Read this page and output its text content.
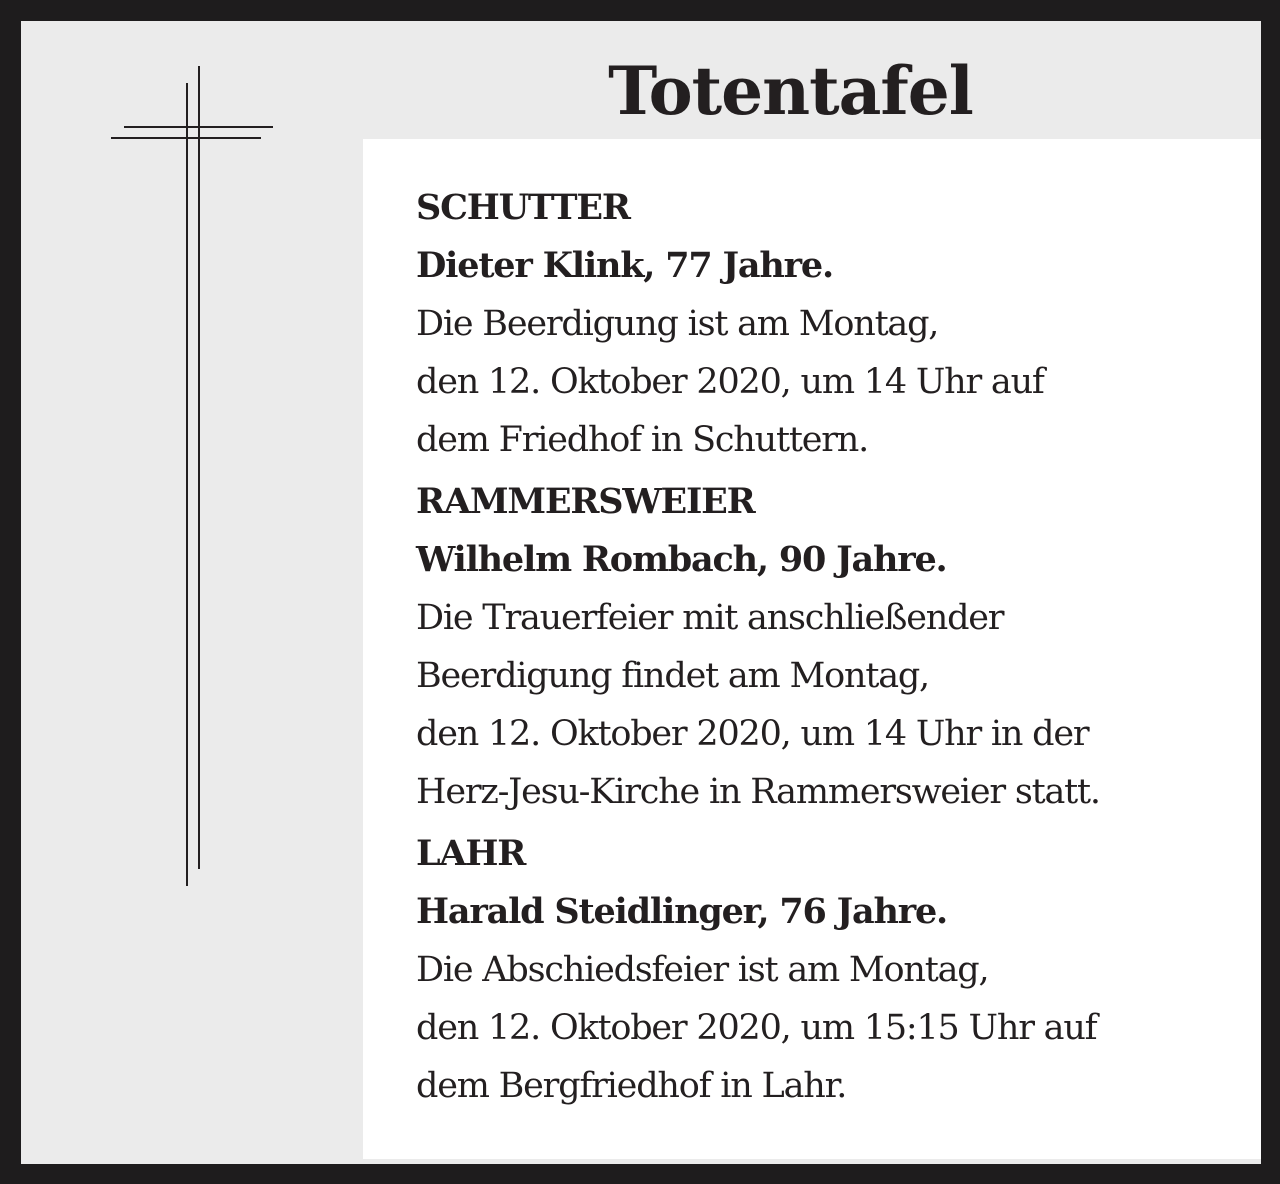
Totentafel
SCHUTTER
Dieter Klink, 77 Jahre.
Die Beerdigung ist am Montag,
den 12. Oktober 2020, um 14 Uhr auf
dem Friedhof in Schuttern.
RAMMERSWEIER
Wilhelm Rombach, 90 Jahre.
Die Trauerfeier mit anschließender
Beerdigung findet am Montag,
den 12. Oktober 2020, um 14 Uhr in der
Herz-Jesu-Kirche in Rammersweier statt.
LAHR
Harald Steidlinger, 76 Jahre.
Die Abschiedsfeier ist am Montag,
den 12. Oktober 2020, um 15:15 Uhr auf
dem Bergfriedhof in Lahr.
